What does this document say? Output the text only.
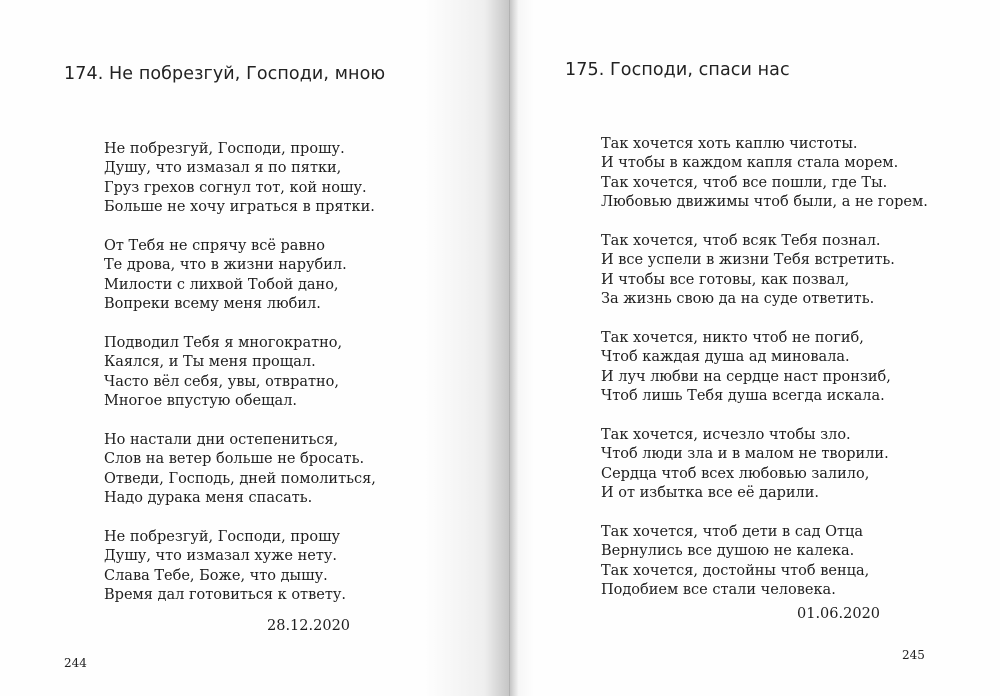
174. Не побрезгуй, Господи, мною
Не побрезгуй, Господи, прошу.
Душу, что измазал я по пятки,
Груз грехов согнул тот, кой ношу.
Больше не хочу играться в прятки.
От Тебя не спрячу всё равно
Те дрова, что в жизни нарубил.
Милости с лихвой Тобой дано,
Вопреки всему меня любил.
Подводил Тебя я многократно,
Каялся, и Ты меня прощал.
Часто вёл себя, увы, отвратно,
Многое впустую обещал.
Но настали дни остепениться,
Слов на ветер больше не бросать.
Отведи, Господь, дней помолиться,
Надо дурака меня спасать.
Не побрезгуй, Господи, прошу
Душу, что измазал хуже нету.
Слава Тебе, Боже, что дышу.
Время дал готовиться к ответу.
28.12.2020
244
175. Господи, спаси нас
Так хочется хоть каплю чистоты.
И чтобы в каждом капля стала морем.
Так хочется, чтоб все пошли, где Ты.
Любовью движимы чтоб были, а не горем.
Так хочется, чтоб всяк Тебя познал.
И все успели в жизни Тебя встретить.
И чтобы все готовы, как позвал,
За жизнь свою да на суде ответить.
Так хочется, никто чтоб не погиб,
Чтоб каждая душа ад миновала.
И луч любви на сердце наст пронзиб,
Чтоб лишь Тебя душа всегда искала.
Так хочется, исчезло чтобы зло.
Чтоб люди зла и в малом не творили.
Сердца чтоб всех любовью залило,
И от избытка все её дарили.
Так хочется, чтоб дети в сад Отца
Вернулись все душою не калека.
Так хочется, достойны чтоб венца,
Подобием все стали человека.
01.06.2020
245
